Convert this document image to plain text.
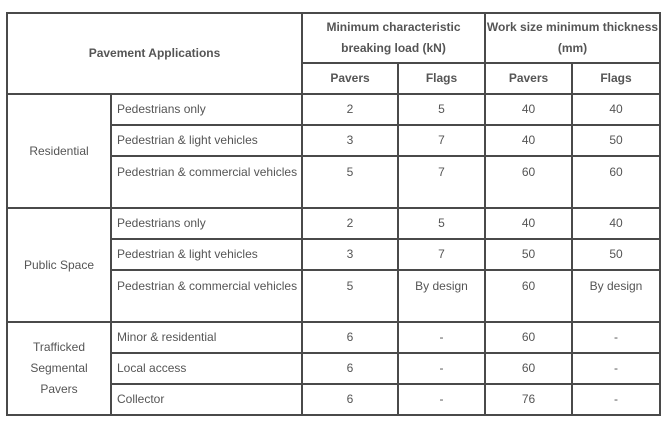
Pavement Applications		Minimum characteristic breaking load (kN)		Work size minimum thickness (mm)	
		Pavers	Flags	Pavers	Flags
Residential	Pedestrians only	2	5	40	40
	Pedestrian & light vehicles	3	7	40	50
	Pedestrian & commercial vehicles	5	7	60	60
Public Space	Pedestrians only	2	5	40	40
	Pedestrian & light vehicles	3	7	50	50
	Pedestrian & commercial vehicles	5	By design	60	By design
Trafficked Segmental Pavers	Minor & residential	6	-	60	-
	Local access	6	-	60	-
	Collector	6	-	76	-
